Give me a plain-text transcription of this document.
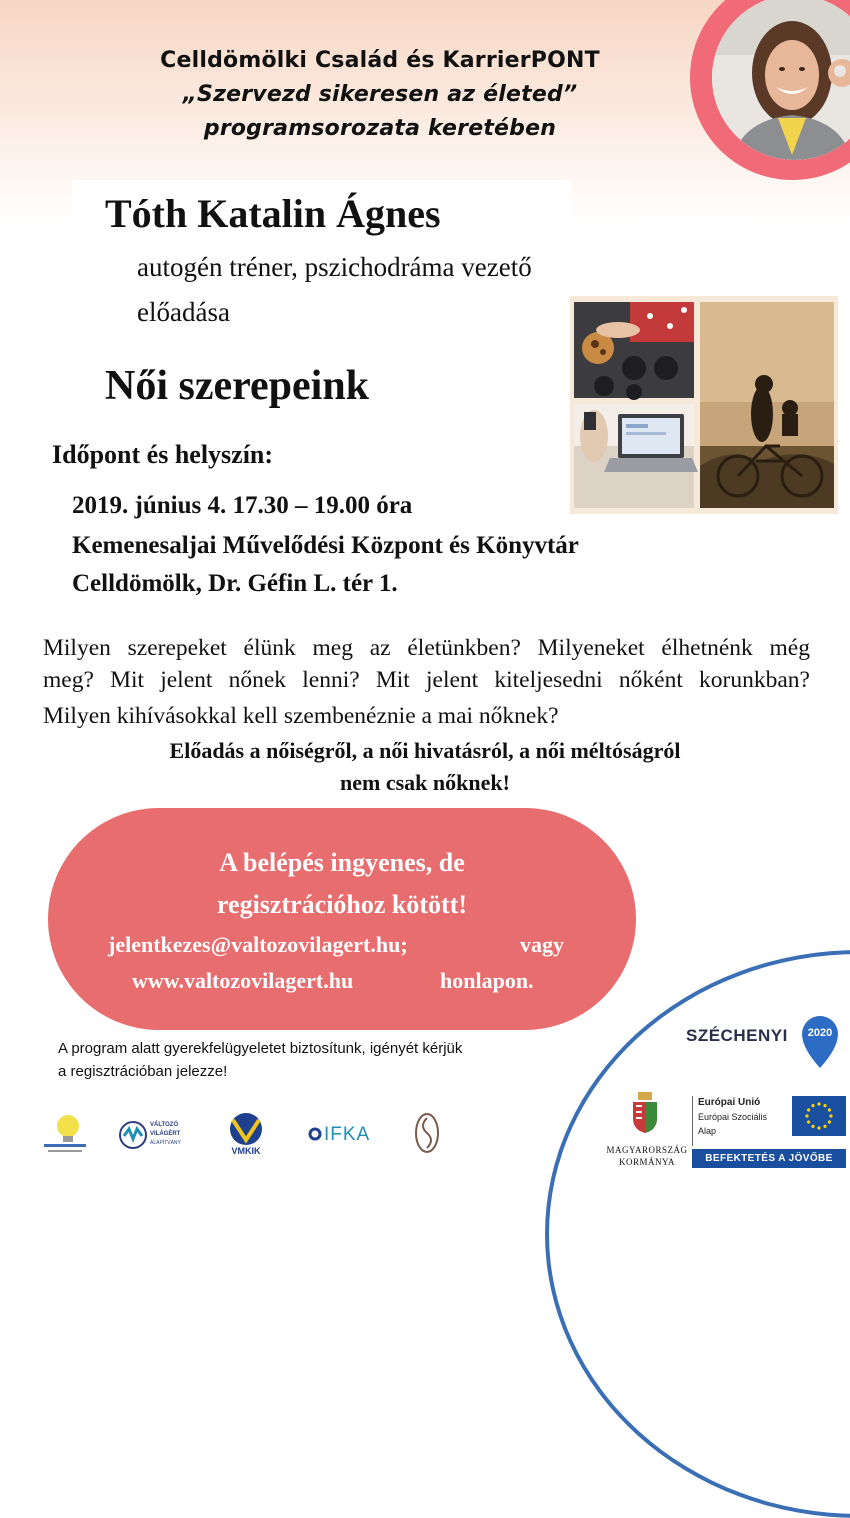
Celldömölki Család és KarrierPONT
„Szervezd sikeresen az életed”
programsorozata keretében
Tóth Katalin Ágnes
autogén tréner, pszichodráma vezető
előadása
Női szerepeink
Időpont és helyszín:
2019. június 4. 17.30 – 19.00 óra
Kemenesaljai Művelődési Központ és Könyvtár
Celldömölk, Dr. Géfin L. tér 1.
Milyen szerepeket élünk meg az életünkben? Milyeneket élhetnénk még
meg? Mit jelent nőnek lenni? Mit jelent kiteljesedni nőként korunkban?
Milyen kihívásokkal kell szembenéznie a mai nőknek?
Előadás a nőiségről, a női hivatásról, a női méltóságról
nem csak nőknek!
A belépés ingyenes, de
regisztrációhoz kötött!
jelentkezes@valtozovilagert.hu;	vagy
www.valtozovilagert.hu	honlapon.
A program alatt gyerekfelügyeletet biztosítunk, igényét kérjük
a regisztrációban jelezze!
VÁLTOZÓ
VILÁGÉRT
ALAPÍTVÁNY
VMKIK
IFKA
SZÉCHENYI	2020
MAGYARORSZÁG
KORMÁNYA
Európai Unió
Európai Szociális
Alap
BEFEKTETÉS A JÖVŐBE
